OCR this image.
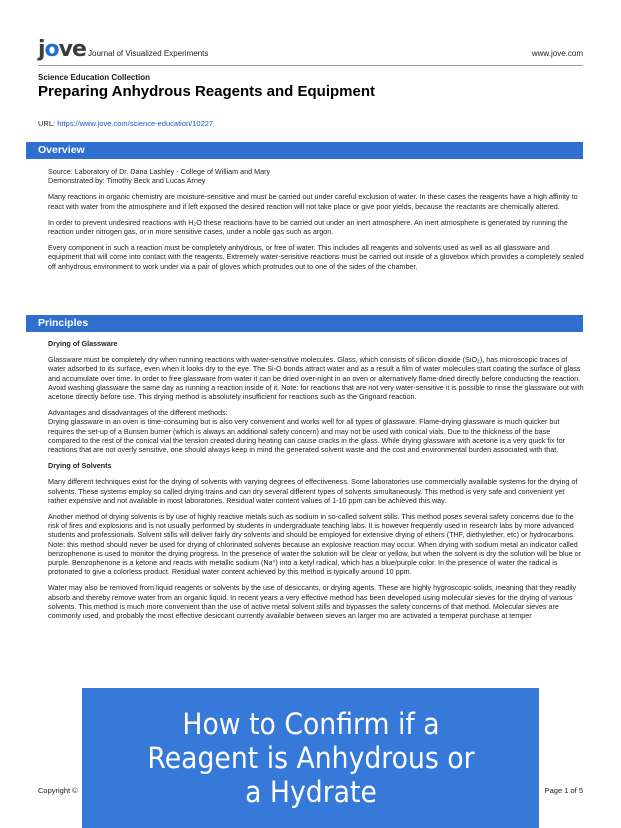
jove Journal of Visualized Experiments	www.jove.com
Science Education Collection
Preparing Anhydrous Reagents and Equipment
URL: https://www.jove.com/science-education/10227
Overview

Source: Laboratory of Dr. Dana Lashley - College of William and Mary

Demonstrated by: Timothy Beck and Lucas Arney

Many reactions in organic chemistry are moisture-sensitive and must be carried out under careful exclusion of water. In these cases the reagents have a high affinity to react with water from the atmosphere and if left exposed the desired reaction will not take place or give poor yields, because the reactants are chemically altered.

In order to prevent undesired reactions with H₂O these reactions have to be carried out under an inert atmosphere. An inert atmosphere is generated by running the reaction under nitrogen gas, or in more sensitive cases, under a noble gas such as argon.

Every component in such a reaction must be completely anhydrous, or free of water. This includes all reagents and solvents used as well as all glassware and equipment that will come into contact with the reagents. Extremely water-sensitive reactions must be carried out inside of a glovebox which provides a completely sealed off anhydrous environment to work under via a pair of gloves which protrudes out to one of the sides of the chamber.

Principles

Drying of Glassware

Glassware must be completely dry when running reactions with water-sensitive molecules. Glass, which consists of silicon dioxide (SiO₂), has microscopic traces of water adsorbed to its surface, even when it looks dry to the eye. The Si-O bonds attract water and as a result a film of water molecules start coating the surface of glass and accumulate over time. In order to free glassware from water it can be dried over-night in an oven or alternatively flame-dried directly before conducting the reaction. Avoid washing glassware the same day as running a reaction inside of it. Note: for reactions that are not very water-sensitive it is possible to rinse the glassware out with acetone directly before use. This drying method is absolutely insufficient for reactions such as the Grignard reaction.

Advantages and disadvantages of the different methods:
Drying glassware in an oven is time-consuming but is also very convenient and works well for all types of glassware. Flame-drying glassware is much quicker but requires the set-up of a Bunsen burner (which is always an additional safety concern) and may not be used with conical vials. Due to the thickness of the base compared to the rest of the conical vial the tension created during heating can cause cracks in the glass. While drying glassware with acetone is a very quick fix for reactions that are not overly sensitive, one should always keep in mind the generated solvent waste and the cost and environmental burden associated with that.

Drying of Solvents

Many different techniques exist for the drying of solvents with varying degrees of effectiveness. Some laboratories use commercially available systems for the drying of solvents. These systems employ so called drying trains and can dry several different types of solvents simultaneously. This method is very safe and convenient yet rather expensive and not available in most laboratories. Residual water content values of 1-10 ppm can be achieved this way.

Another method of drying solvents is by use of highly reactive metals such as sodium in so-called solvent stills. This method poses several safety concerns due to the risk of fires and explosions and is not usually performed by students in undergraduate teaching labs. It is however frequently used in research labs by more advanced students and professionals. Solvent stills will deliver fairly dry solvents and should be employed for extensive drying of ethers (THF, diethylether, etc) or hydrocarbons. Note: this method should never be used for drying of chlorinated solvents because an explosive reaction may occur. When drying with sodium metal an indicator called benzophenone is used to monitor the drying progress. In the presence of water the solution will be clear or yellow, but when the solvent is dry the solution will be blue or purple. Benzophenone is a ketone and reacts with metallic sodium (Na⁰) into a ketyl radical, which has a blue/purple color. In the presence of water the radical is protonated to give a colorless product. Residual water content achieved by this method is typically around 10 ppm.

Water may also be removed from liquid reagents or solvents by the use of desiccants, or drying agents. These are highly hygroscopic solids, meaning that they readily absorb and thereby remove water from an organic liquid. In recent years a very effective method has been developed using molecular sieves for the drying of various solvents. This method is much more convenient than the use of active metal solvent stills and bypasses the safety concerns of that method. Molecular sieves are commonly used, and probably the most effective desiccant currently available between sieves an larger mo are activated a temperat purchase at temper

Copyright ©	Page 1 of 5
How to Confirm if a Reagent is Anhydrous or a Hydrate
